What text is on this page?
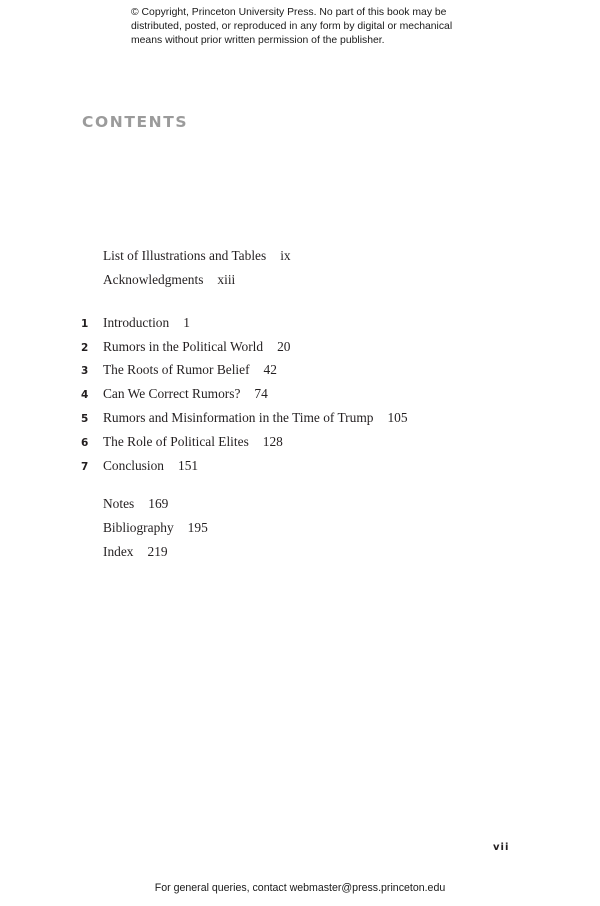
© Copyright, Princeton University Press. No part of this book may be
distributed, posted, or reproduced in any form by digital or mechanical
means without prior written permission of the publisher.
CONTENTS
List of Illustrations and Tables ix
Acknowledgments xiii
1 Introduction 1
2 Rumors in the Political World 20
3 The Roots of Rumor Belief 42
4 Can We Correct Rumors? 74
5 Rumors and Misinformation in the Time of Trump 105
6 The Role of Political Elites 128
7 Conclusion 151
Notes 169
Bibliography 195
Index 219
vii
For general queries, contact webmaster@press.princeton.edu
